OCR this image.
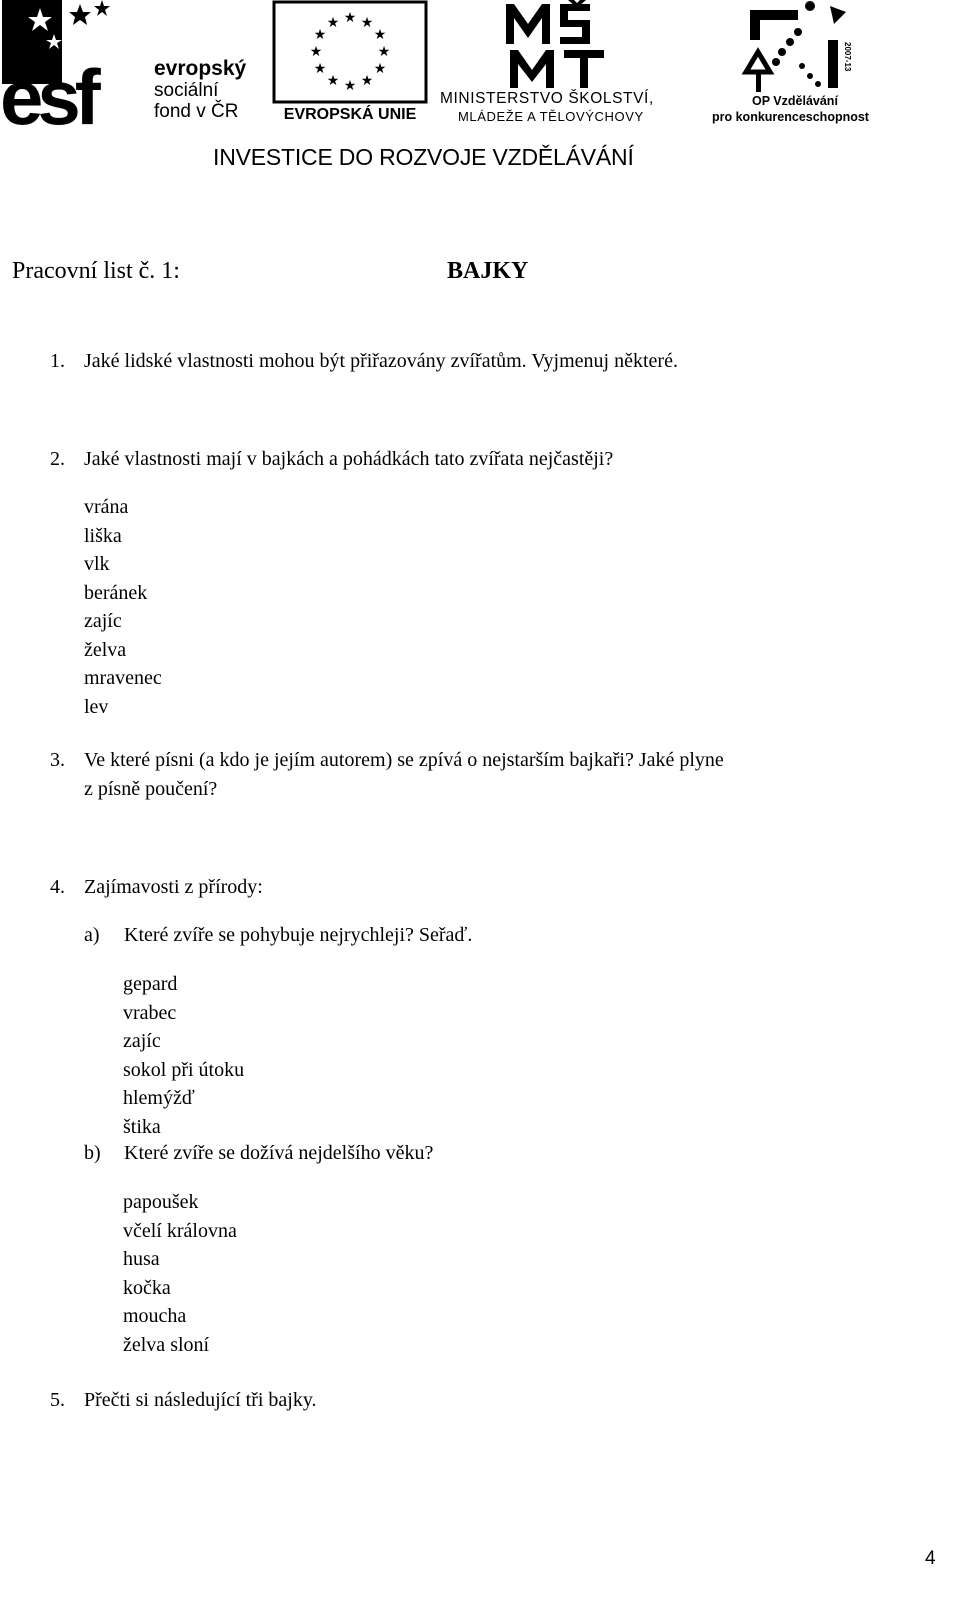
esf	evropský
sociální
fond v ČR
★ ★
★
★
★
★
★
★
★
★
★
★
EVROPSKÁ UNIE
MINISTERSTVO ŠKOLSTVÍ,
MLÁDEŽE A TĚLOVÝCHOVY
2007-13
OP Vzdělávání
pro konkurenceschopnost
INVESTICE DO ROZVOJE VZDĚLÁVÁNÍ
Pracovní list č. 1:	BAJKY
1. Jaké lidské vlastnosti mohou být přiřazovány zvířatům. Vyjmenuj některé.
2. Jaké vlastnosti mají v bajkách a pohádkách tato zvířata nejčastěji?
vrána
liška
vlk
beránek
zajíc
želva
mravenec
lev
3. Ve které písni (a kdo je jejím autorem) se zpívá o nejstarším bajkaři? Jaké plyne
z písně poučení?
4. Zajímavosti z přírody:
a) Které zvíře se pohybuje nejrychleji? Seřaď.
gepard
vrabec
zajíc
sokol při útoku
hlemýžď
štika
b) Které zvíře se dožívá nejdelšího věku?
papoušek
včelí královna
husa
kočka
moucha
želva sloní
5. Přečti si následující tři bajky.
4
